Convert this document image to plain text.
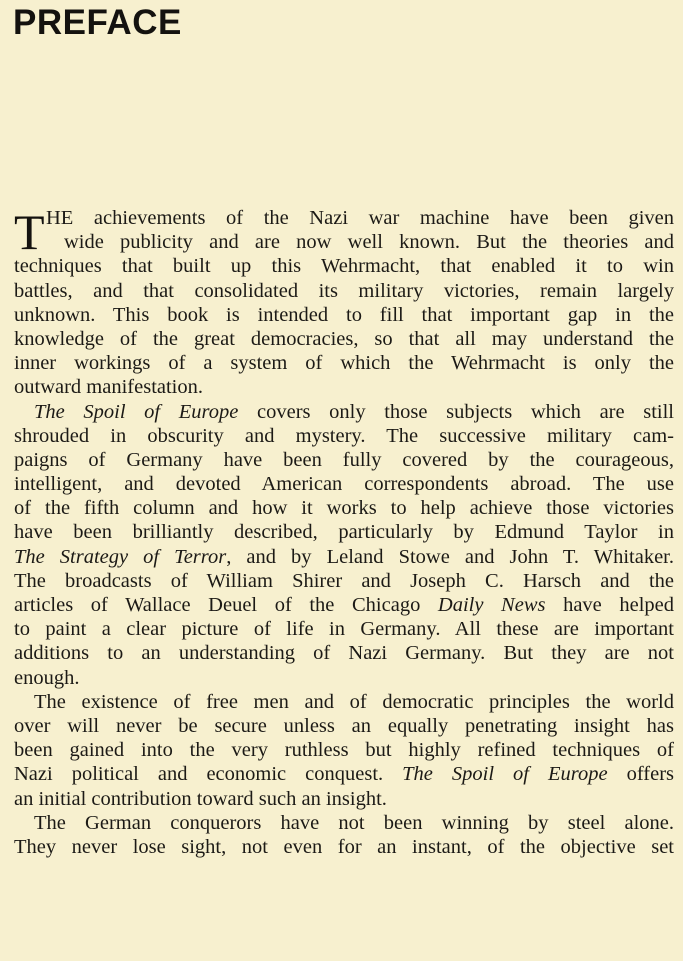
PREFACE
T HE achievements of the Nazi war machine have been given
wide publicity and are now well known. But the theories and
techniques that built up this Wehrmacht, that enabled it to win
battles, and that consolidated its military victories, remain largely
unknown. This book is intended to fill that important gap in the
knowledge of the great democracies, so that all may understand the
inner workings of a system of which the Wehrmacht is only the
outward manifestation.
The Spoil of Europe covers only those subjects which are still
shrouded in obscurity and mystery. The successive military cam-
paigns of Germany have been fully covered by the courageous,
intelligent, and devoted American correspondents abroad. The use
of the fifth column and how it works to help achieve those victories
have been brilliantly described, particularly by Edmund Taylor in
The Strategy of Terror, and by Leland Stowe and John T. Whitaker.
The broadcasts of William Shirer and Joseph C. Harsch and the
articles of Wallace Deuel of the Chicago Daily News have helped
to paint a clear picture of life in Germany. All these are important
additions to an understanding of Nazi Germany. But they are not
enough.
The existence of free men and of democratic principles the world
over will never be secure unless an equally penetrating insight has
been gained into the very ruthless but highly refined techniques of
Nazi political and economic conquest. The Spoil of Europe offers
an initial contribution toward such an insight.
The German conquerors have not been winning by steel alone.
They never lose sight, not even for an instant, of the objective set
